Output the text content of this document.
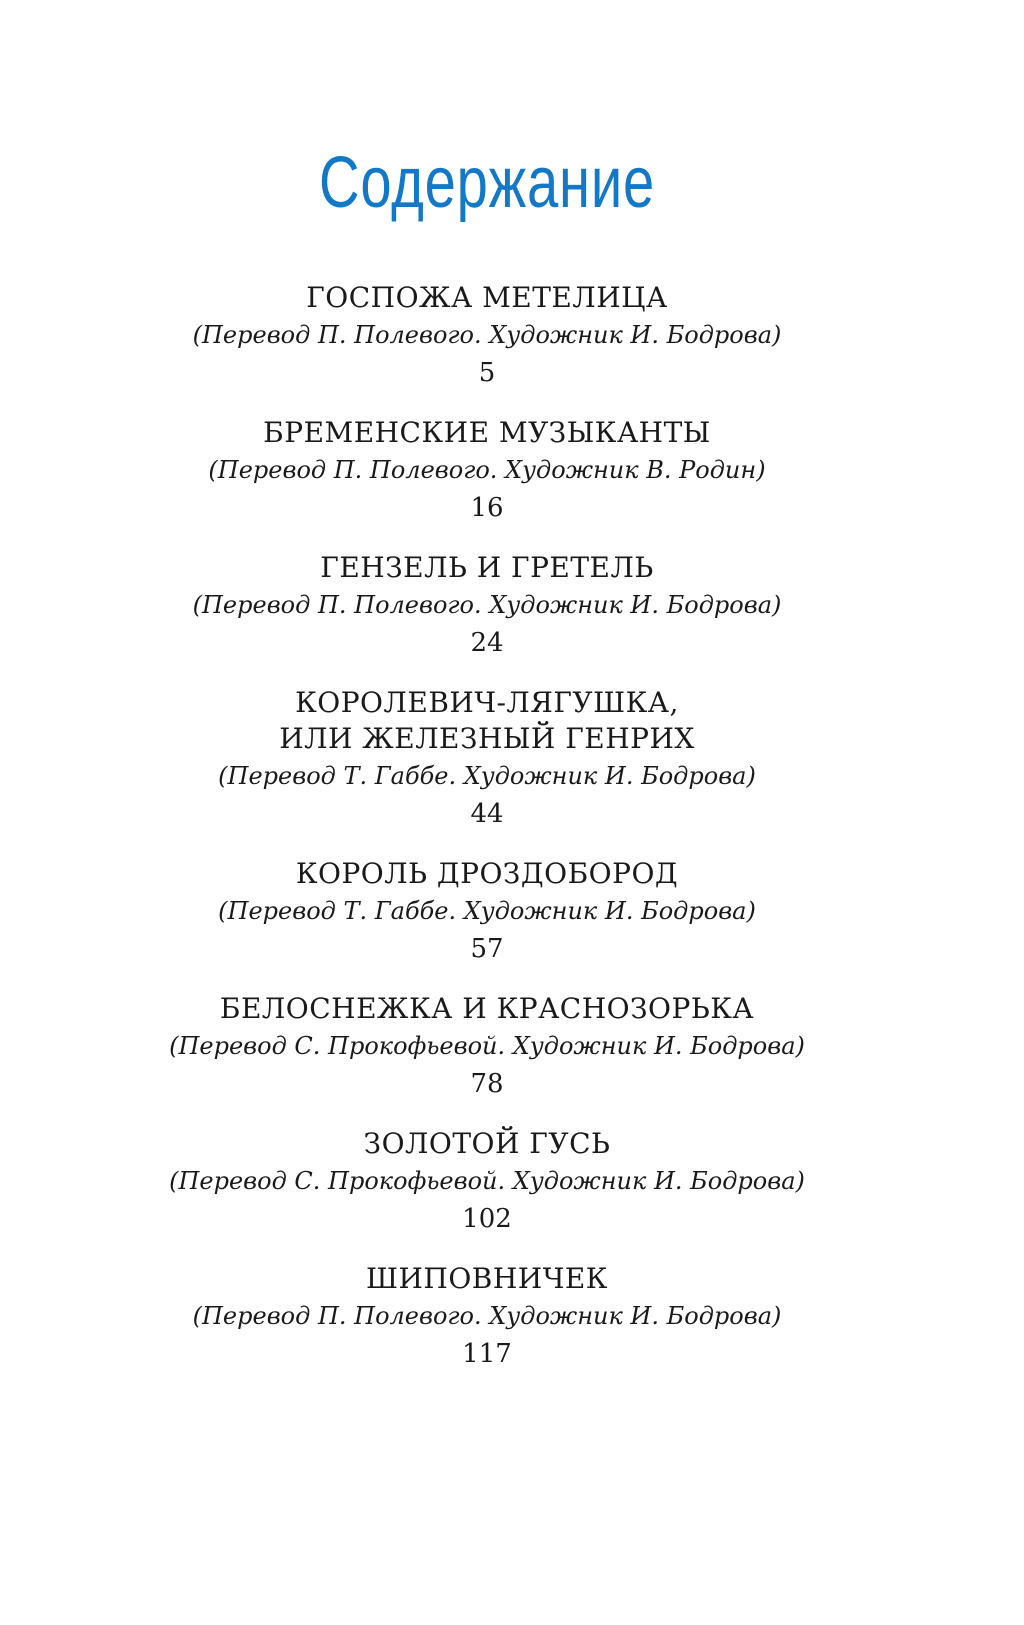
Содержание
ГОСПОЖА МЕТЕЛИЦА
(Перевод П. Полевого. Художник И. Бодрова)
5
БРЕМЕНСКИЕ МУЗЫКАНТЫ
(Перевод П. Полевого. Художник В. Родин)
16
ГЕНЗЕЛЬ И ГРЕТЕЛЬ
(Перевод П. Полевого. Художник И. Бодрова)
24
КОРОЛЕВИЧ-ЛЯГУШКА,
ИЛИ ЖЕЛЕЗНЫЙ ГЕНРИХ
(Перевод Т. Габбе. Художник И. Бодрова)
44
КОРОЛЬ ДРОЗДОБОРОД
(Перевод Т. Габбе. Художник И. Бодрова)
57
БЕЛОСНЕЖКА И КРАСНОЗОРЬКА
(Перевод С. Прокофьевой. Художник И. Бодрова)
78
ЗОЛОТОЙ ГУСЬ
(Перевод С. Прокофьевой. Художник И. Бодрова)
102
ШИПОВНИЧЕК
(Перевод П. Полевого. Художник И. Бодрова)
117
